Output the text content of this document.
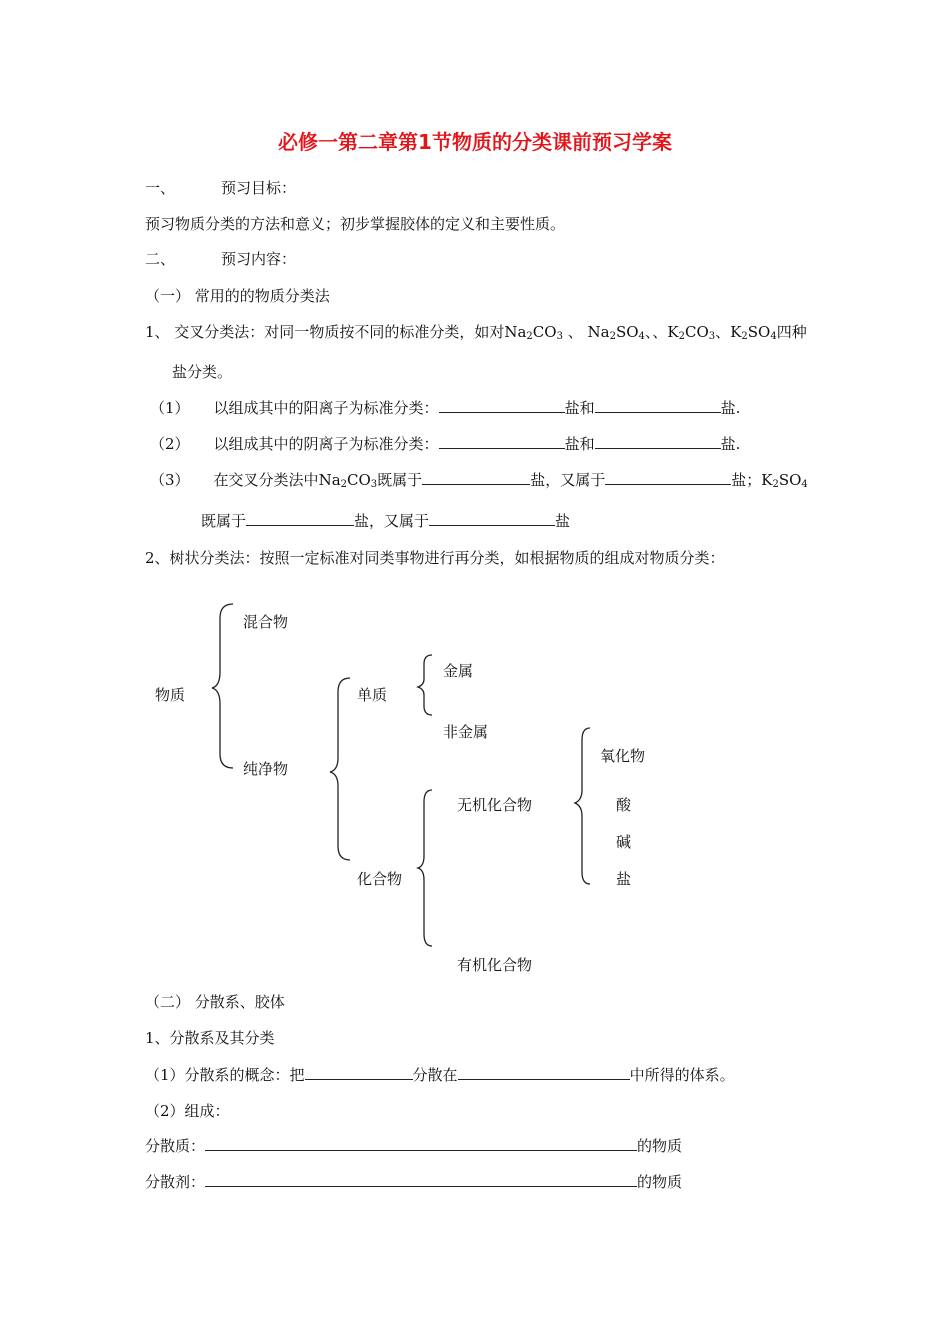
必修一第二章第1节物质的分类课前预习学案
一、	预习目标：
预习物质分类的方法和意义；初步掌握胶体的定义和主要性质。
二、	预习内容：
（一） 常用的的物质分类法
1、 交叉分类法：对同一物质按不同的标准分类，如对$Na_2CO_3$ 、 $Na_2SO_4$、、$K_2CO_3$、$K_2SO_4$四种
盐分类。
（1） 以组成其中的阳离子为标准分类：	盐和	盐.
（2） 以组成其中的阴离子为标准分类：	盐和	盐.
（3） 在交叉分类法中$Na_2CO_3$既属于	盐，又属于	盐；$K_2SO_4$
既属于	盐，又属于	盐
2、树状分类法：按照一定标准对同类事物进行再分类，如根据物质的组成对物质分类：
物质
混合物
纯净物
单质
金属
非金属
化合物
无机化合物
有机化合物
氧化物
酸
碱
盐
（二） 分散系、胶体
1、分散系及其分类
（1）分散系的概念：把	分散在	中所得的体系。
（2）组成：
分散质：	的物质
分散剂：	的物质
